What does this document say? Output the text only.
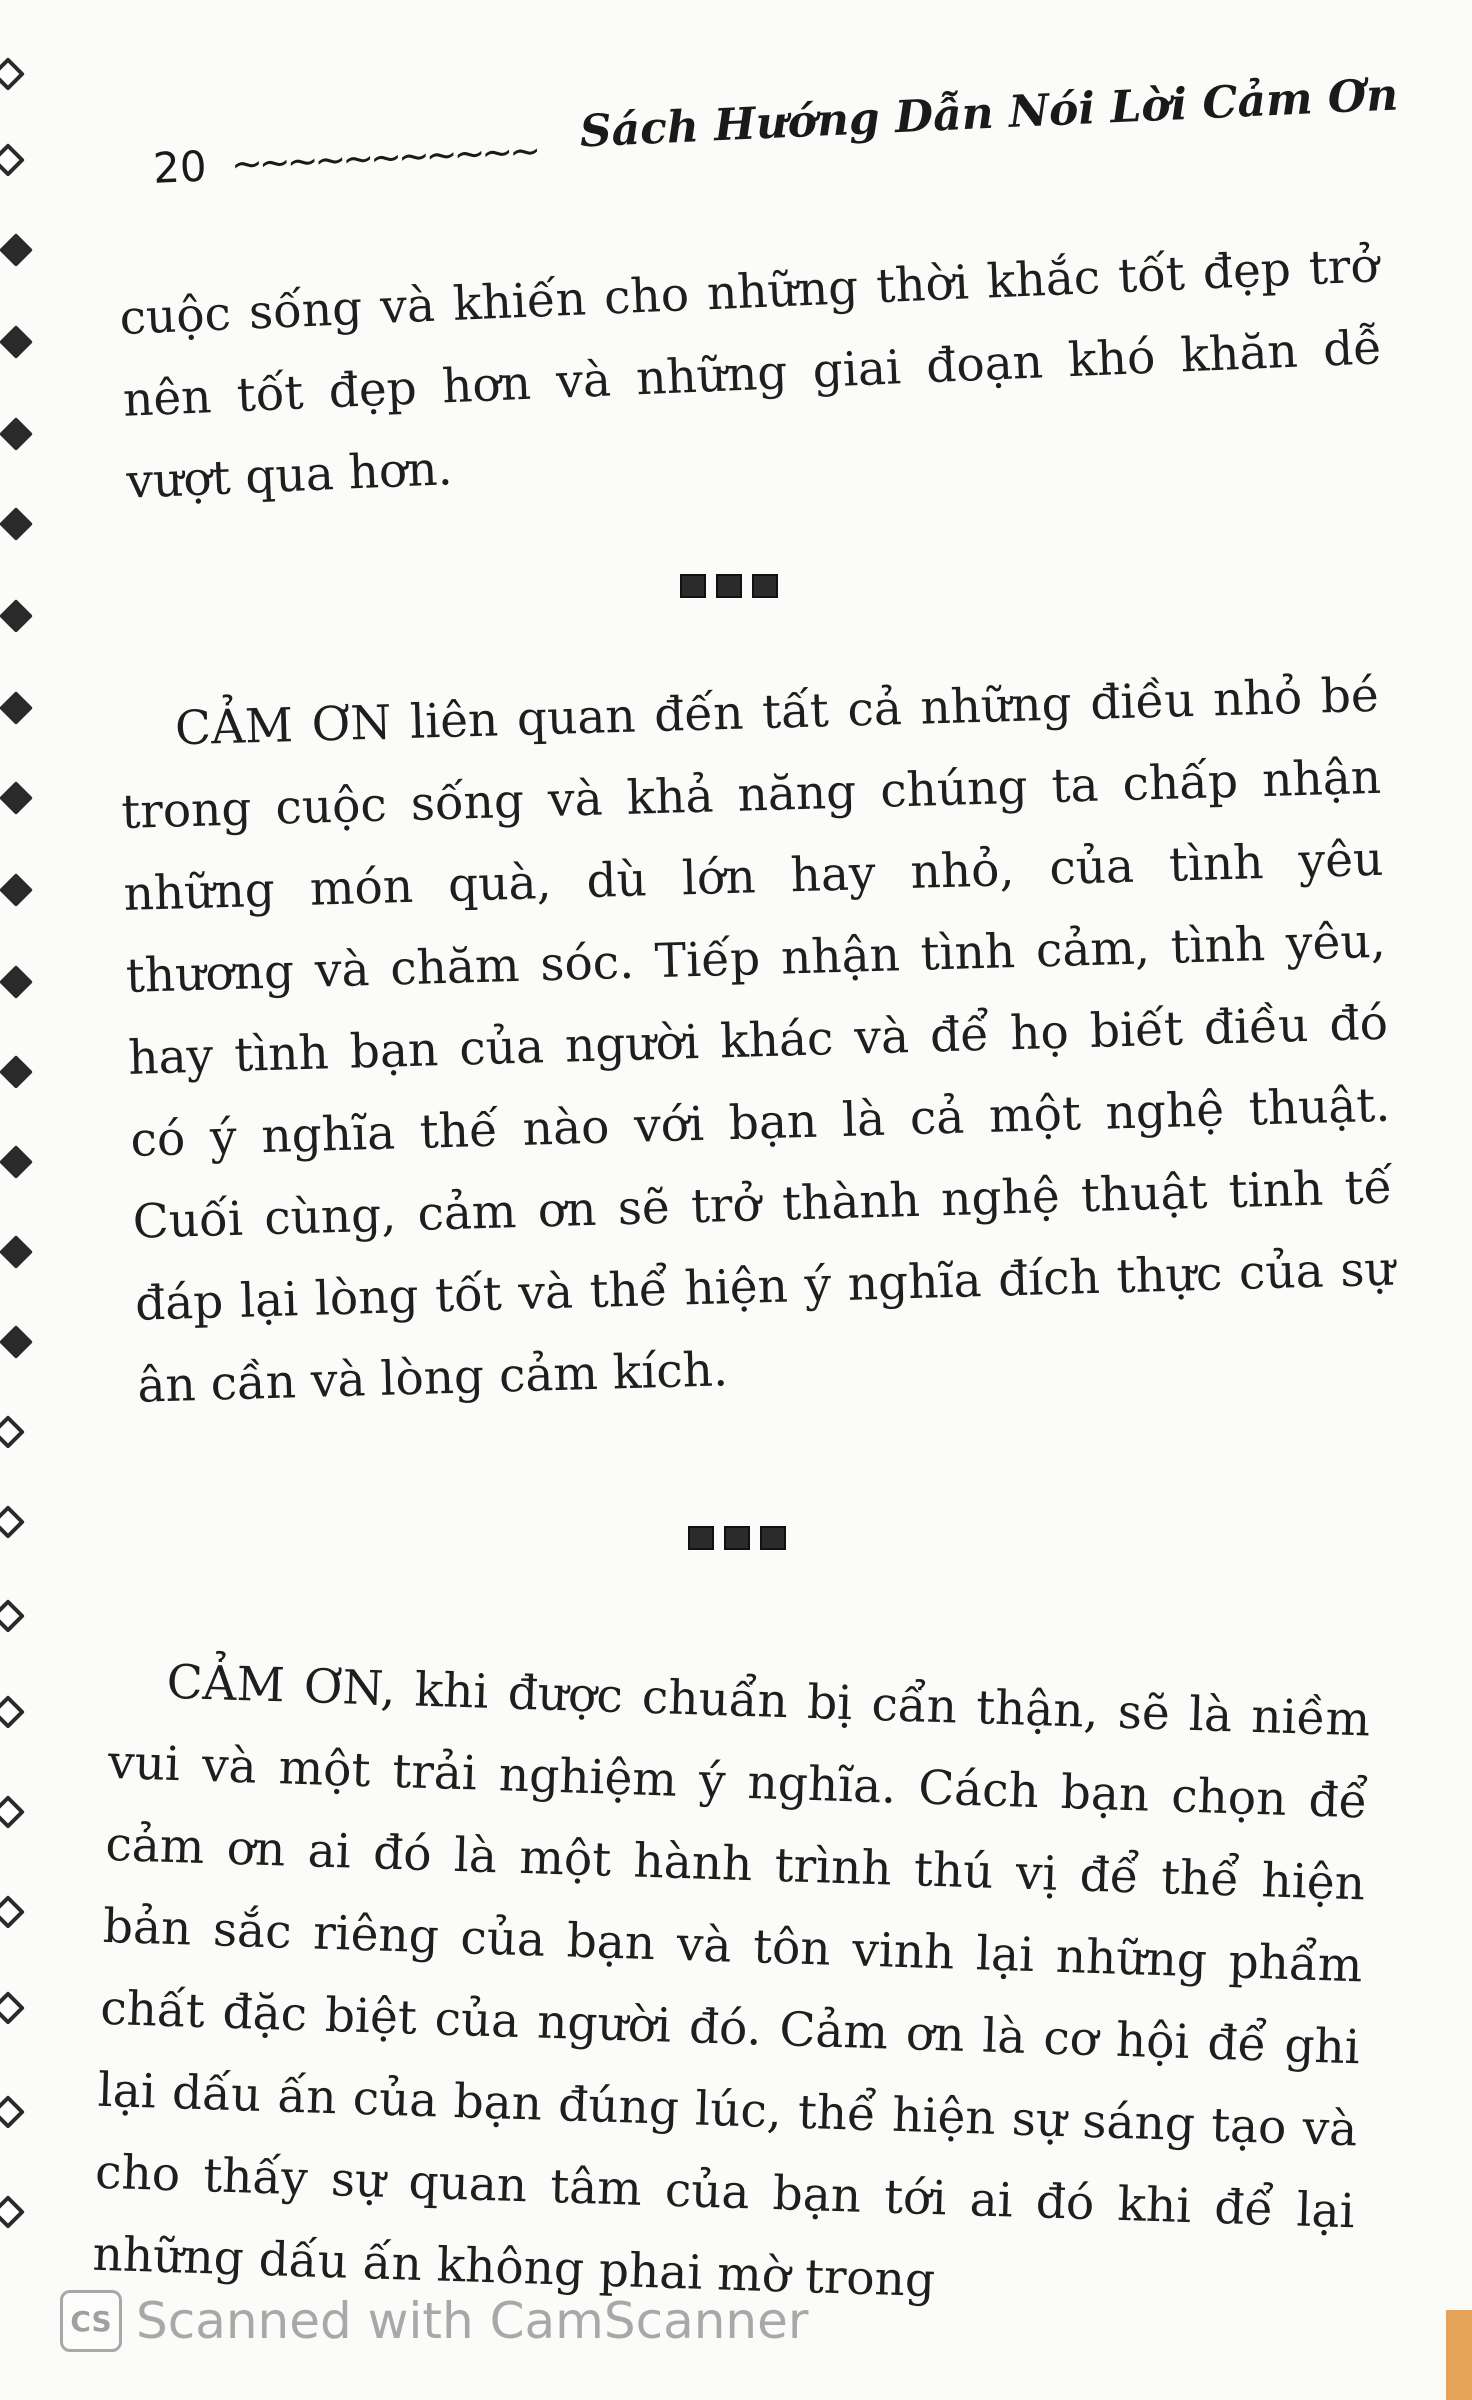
20 ~~~~~~~~~~~ Sách Hướng Dẫn Nói Lời Cảm Ơn

cuộc sống và khiến cho những thời khắc tốt đẹp trở nên tốt đẹp hơn và những giai đoạn khó khăn dễ vượt qua hơn.

CẢM ƠN liên quan đến tất cả những điều nhỏ bé trong cuộc sống và khả năng chúng ta chấp nhận những món quà, dù lớn hay nhỏ, của tình yêu thương và chăm sóc. Tiếp nhận tình cảm, tình yêu, hay tình bạn của người khác và để họ biết điều đó có ý nghĩa thế nào với bạn là cả một nghệ thuật. Cuối cùng, cảm ơn sẽ trở thành nghệ thuật tinh tế đáp lại lòng tốt và thể hiện ý nghĩa đích thực của sự ân cần và lòng cảm kích.

CẢM ƠN, khi được chuẩn bị cẩn thận, sẽ là niềm vui và một trải nghiệm ý nghĩa. Cách bạn chọn để cảm ơn ai đó là một hành trình thú vị để thể hiện bản sắc riêng của bạn và tôn vinh lại những phẩm chất đặc biệt của người đó. Cảm ơn là cơ hội để ghi lại dấu ấn của bạn đúng lúc, thể hiện sự sáng tạo và cho thấy sự quan tâm của bạn tới ai đó khi để lại những dấu ấn không phai mờ trong

CS Scanned with CamScanner
